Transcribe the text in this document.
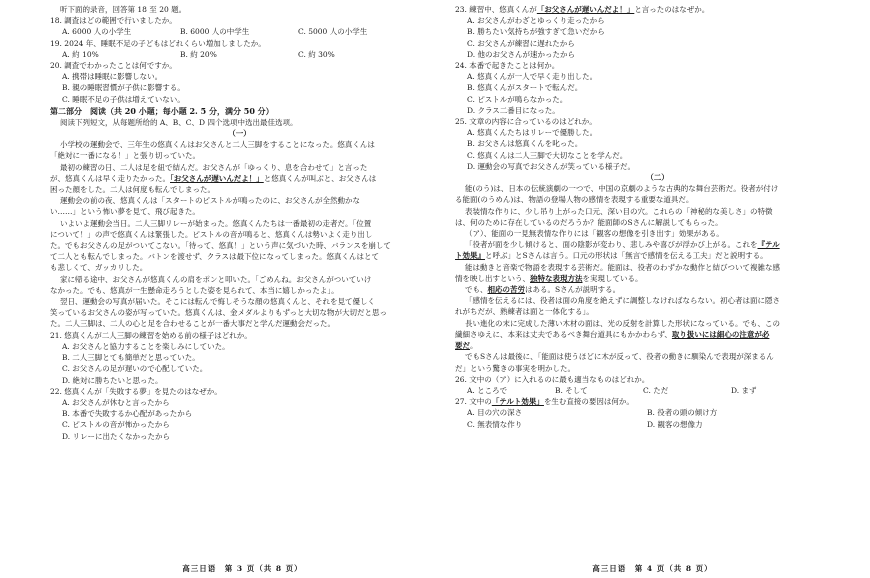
听下面的录音，回答第 18 至 20 题。
18. 調査はどの範囲で行いましたか。
A. 6000 人の小学生	B. 6000 人の中学生	C. 5000 人の小学生
19. 2024 年、睡眠不足の子どもはどれくらい増加しましたか。
A. 約 10%	B. 約 20%	C. 約 30%
20. 調査でわかったことは何ですか。
A. 携帯は睡眠に影響しない。
B. 親の睡眠習慣が子供に影響する。
C. 睡眠不足の子供は増えていない。
第二部分　阅读（共 20 小题；每小题 2. 5 分，满分 50 分）
阅读下列短文，从每题所给的 A、B、C、D 四个选项中选出最佳选项。
（一）
小学校の運動会で、三年生の悠真くんはお父さんと二人三脚をすることになった。悠真くんは
「絶対に一番になる！」と張り切っていた。
最初の練習の日、二人は足を紐で結んだ。お父さんが「ゆっくり、息を合わせて」と言った
が、悠真くんは早く走りたかった。「お父さんが遅いんだよ！」と悠真くんが叫ぶと、お父さんは
困った顔をした。二人は何度も転んでしまった。
運動会の前の夜、悠真くんは「スタートのピストルが鳴ったのに、お父さんが全然動かな
い……」という怖い夢を見て、飛び起きた。
いよいよ運動会当日。二人三脚リレーが始まった。悠真くんたちは一番最初の走者だ。「位置
について！」の声で悠真くんは緊張した。ピストルの音が鳴ると、悠真くんは勢いよく走り出し
た。でもお父さんの足がついてこない。「待って、悠真！」という声に気づいた時、バランスを崩して
て二人とも転んでしまった。バトンを渡せず、クラスは最下位になってしまった。悠真くんはとて
も悲しくて、ガッカリした。
家に帰る途中、お父さんが悠真くんの肩をポンと叩いた。「ごめんね。お父さんがついていけ
なかった。でも、悠真が一生懸命走ろうとした姿を見られて、本当に嬉しかったよ」。
翌日、運動会の写真が届いた。そこには転んで悔しそうな顔の悠真くんと、それを見て優しく
笑っているお父さんの姿が写っていた。悠真くんは、金メダルよりもずっと大切な物が大切だと思っ
た。二人三脚は、二人の心と足を合わせることが一番大事だと学んだ運動会だった。
21. 悠真くんが二人三脚の練習を始める前の様子はどれか。
A. お父さんと協力することを楽しみにしていた。
B. 二人三脚とても簡単だと思っていた。
C. お父さんの足が遅いので心配していた。
D. 絶対に勝ちたいと思った。
22. 悠真くんが「失敗する夢」を見たのはなぜか。
A. お父さんが休むと言ったから
B. 本番で失敗するか心配があったから
C. ピストルの音が怖かったから
D. リレーに出たくなかったから
高三日语　第 3 页（共 8 页）
23. 練習中、悠真くんが「お父さんが遅いんだよ！」と言ったのはなぜか。
A. お父さんがわざとゆっくり走ったから
B. 勝ちたい気持ちが強すぎて急いだから
C. お父さんが練習に遅れたから
D. 他のお父さんが速かったから
24. 本番で起きたことは何か。
A. 悠真くんが一人で早く走り出した。
B. 悠真くんがスタートで転んだ。
C. ピストルが鳴らなかった。
D. クラス二番目になった。
25. 文章の内容に合っているのはどれか。
A. 悠真くんたちはリレーで優勝した。
B. お父さんは悠真くんを叱った。
C. 悠真くんは二人三脚で大切なことを学んだ。
D. 運動会の写真でお父さんが笑っている様子だ。
（二）
能(のう)は、日本の伝統演劇の一つで、中国の京劇のような古典的な舞台芸術だ。役者が付け
る能面(のうめん)は、物語の登場人物の感情を表現する重要な道具だ。
表装情な作りに、少し吊り上がった口元、深い目の穴。これらの「神秘的な美しさ」の特徴
は、何のために存在しているのだろうか？能面師のSさんに解説してもらった。
（ア）、能面の一見無表情な作りには「観客の想像を引き出す」効果がある。
「役者が面を少し傾けると、面の陰影が変わり、悲しみや喜びが浮かび上がる。これを『テル
ト効果』と呼ぶ」とSさんは言う。口元の形状は「無言で感情を伝える工夫」だと説明する。
能は動きと音楽で物語を表現する芸術だ。能面は、役者のわずかな動作と結びついて複雑な感
情を映し出すという、独特な表現方法を実現している。
でも、相応の苦労はある。Sさんが説明する。
「感情を伝えるには、役者は面の角度を絶えずに調整しなければならない。初心者は面に隠さ
れがちだが、熟練者は面と一体化する」。
長い進化の末に完成した薄い木材の面は、光の反射を計算した形状になっている。でも、この
繊細さゆえに、本来は丈夫であるべき舞台道具にもかかわらず、取り扱いには細心の注意が必
要だ。
でもSさんは最後に、「能面は使うほどに木が反って、役者の動きに馴染んで表現が深まるん
だ」という驚きの事実を明かした。
26. 文中の（ア）に入れるのに最も適当なものはどれか。
A. ところで	B. そして	C. ただ	D. まず
27. 文中の「テルト効果」を生む直接の要因は何か。
A. 目の穴の深さ	B. 役者の頭の傾け方
C. 無表情な作り	D. 観客の想像力
高三日语　第 4 页（共 8 页）
